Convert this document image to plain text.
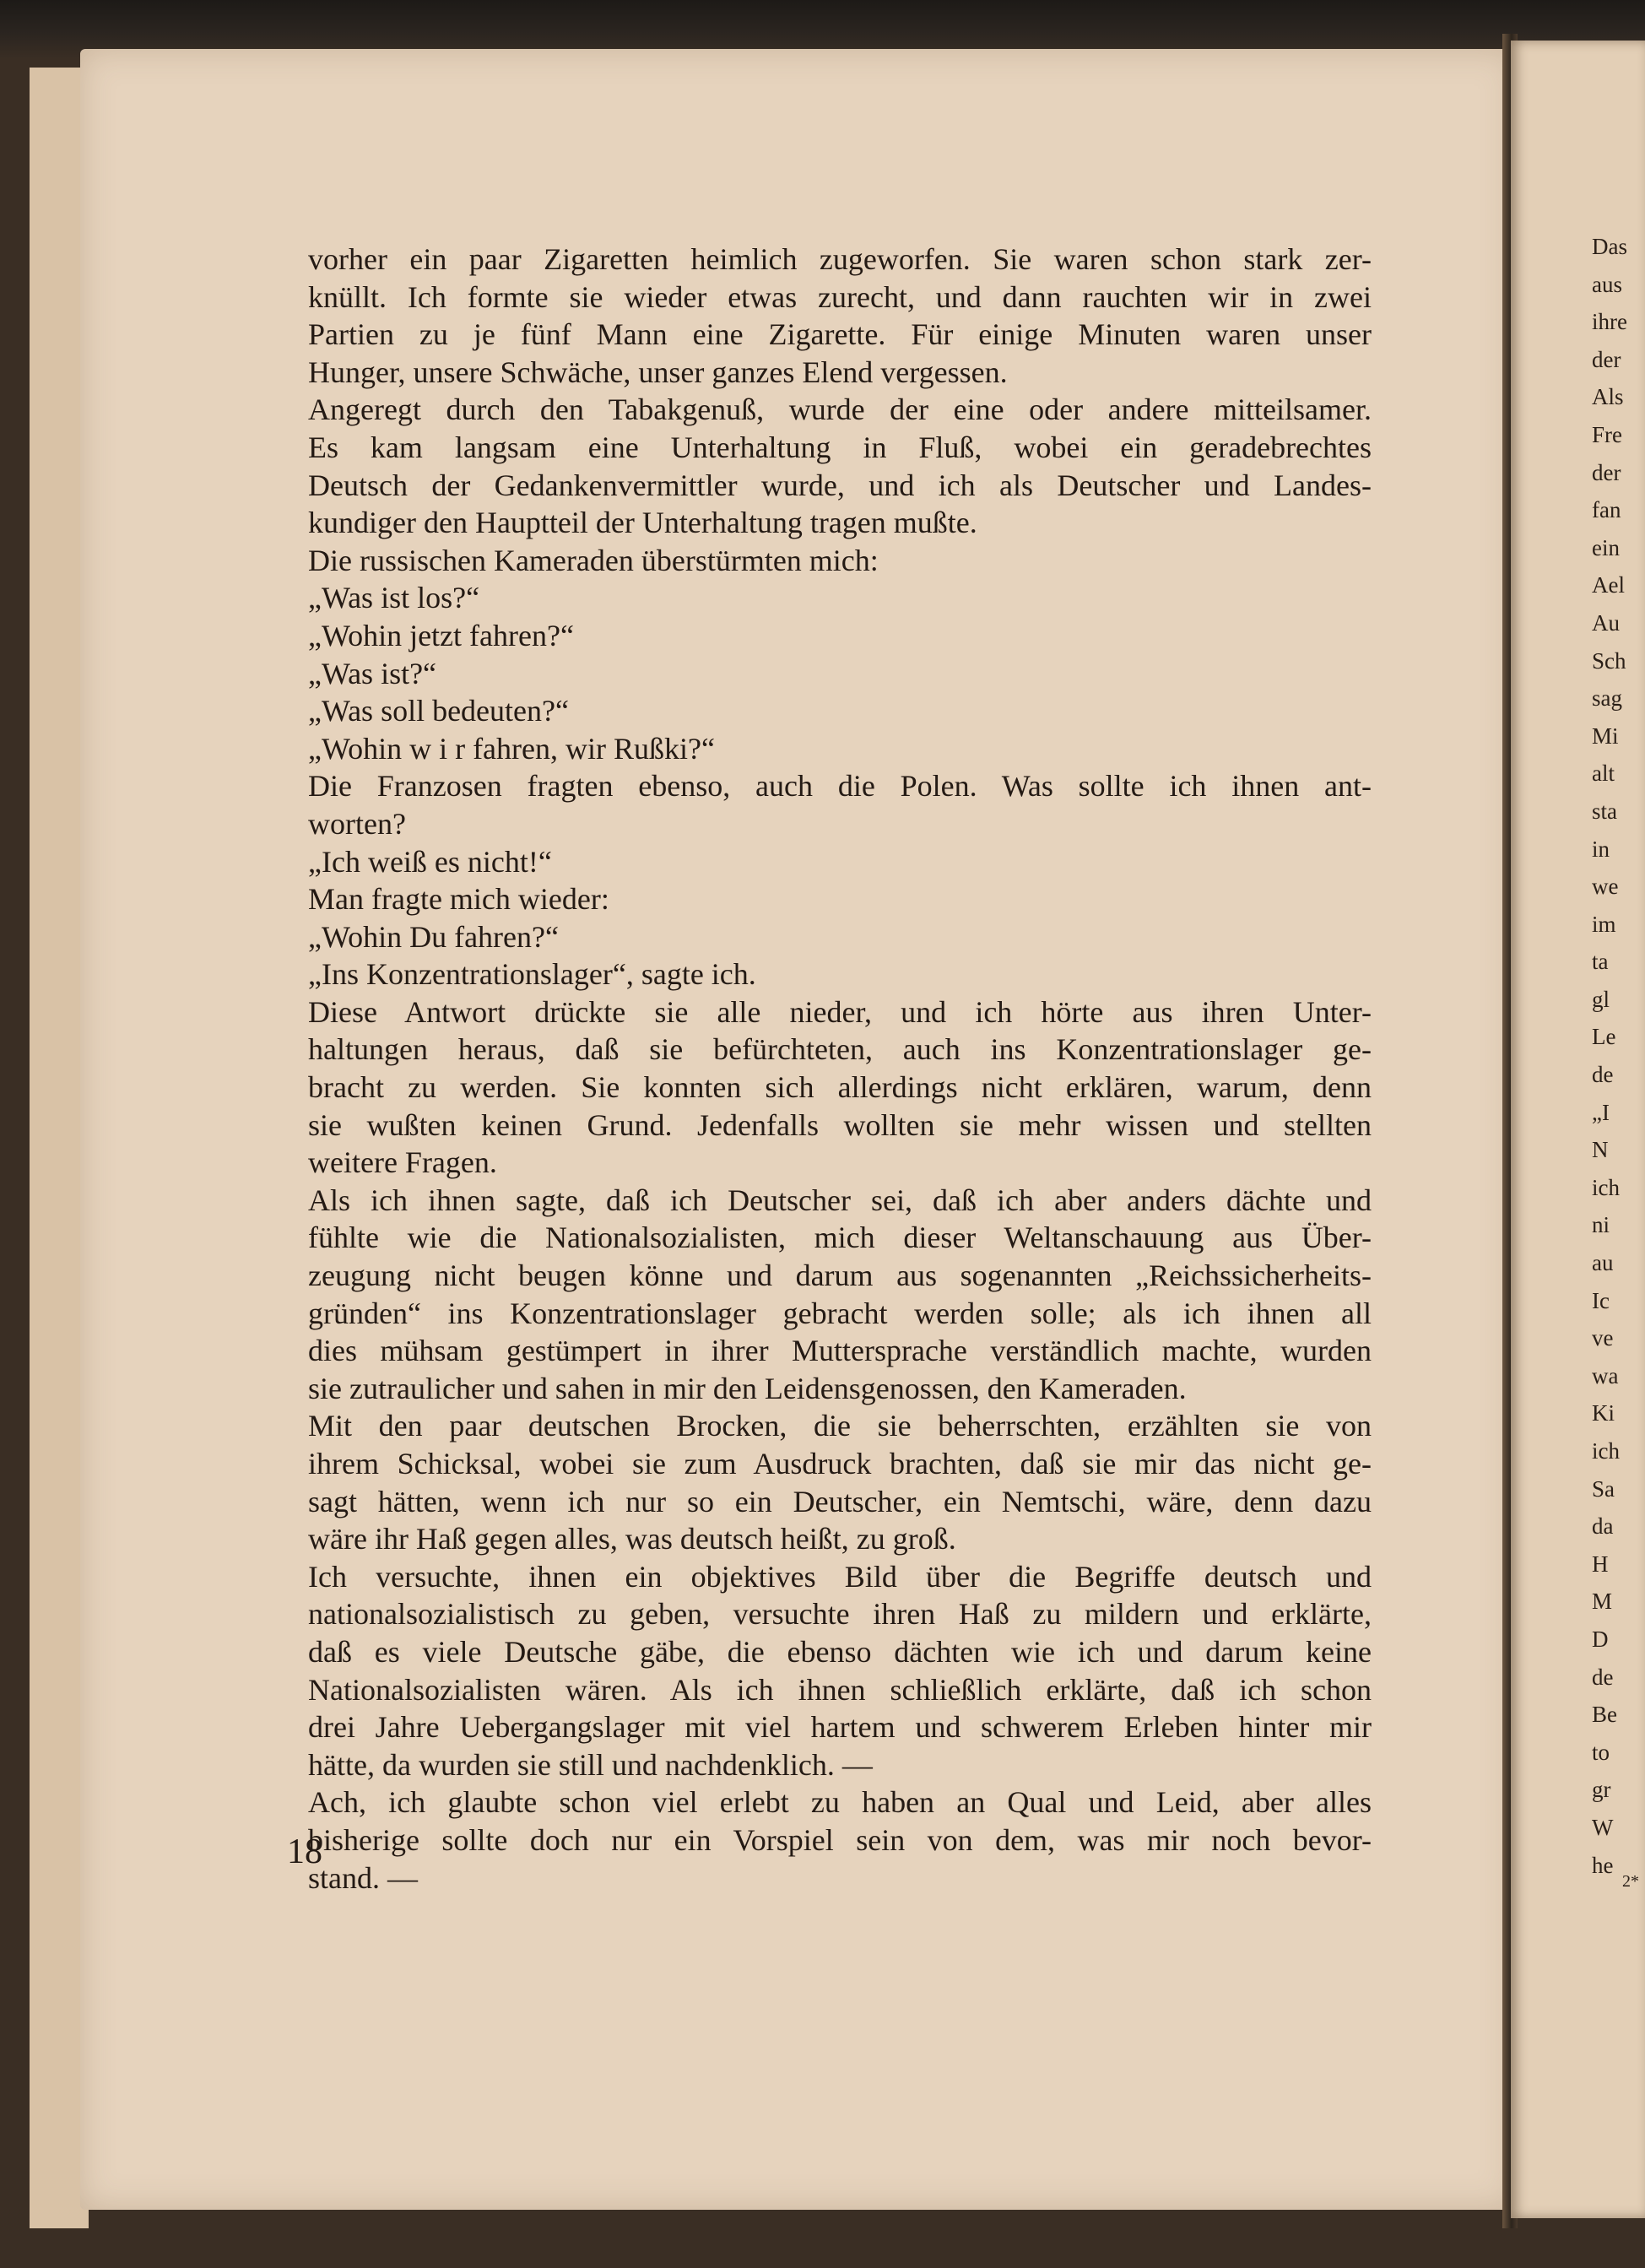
vorher ein paar Zigaretten heimlich zugeworfen. Sie waren schon stark zer-
knüllt. Ich formte sie wieder etwas zurecht, und dann rauchten wir in zwei
Partien zu je fünf Mann eine Zigarette. Für einige Minuten waren unser
Hunger, unsere Schwäche, unser ganzes Elend vergessen.
Angeregt durch den Tabakgenuß, wurde der eine oder andere mitteilsamer.
Es kam langsam eine Unterhaltung in Fluß, wobei ein geradebrechtes
Deutsch der Gedankenvermittler wurde, und ich als Deutscher und Landes-
kundiger den Hauptteil der Unterhaltung tragen mußte.
Die russischen Kameraden überstürmten mich:
„Was ist los?“
„Wohin jetzt fahren?“
„Was ist?“
„Was soll bedeuten?“
„Wohin w i r fahren, wir Rußki?“
Die Franzosen fragten ebenso, auch die Polen. Was sollte ich ihnen ant-
worten?
„Ich weiß es nicht!“
Man fragte mich wieder:
„Wohin Du fahren?“
„Ins Konzentrationslager“, sagte ich.
Diese Antwort drückte sie alle nieder, und ich hörte aus ihren Unter-
haltungen heraus, daß sie befürchteten, auch ins Konzentrationslager ge-
bracht zu werden. Sie konnten sich allerdings nicht erklären, warum, denn
sie wußten keinen Grund. Jedenfalls wollten sie mehr wissen und stellten
weitere Fragen.
Als ich ihnen sagte, daß ich Deutscher sei, daß ich aber anders dächte und
fühlte wie die Nationalsozialisten, mich dieser Weltanschauung aus Über-
zeugung nicht beugen könne und darum aus sogenannten „Reichssicherheits-
gründen“ ins Konzentrationslager gebracht werden solle; als ich ihnen all
dies mühsam gestümpert in ihrer Muttersprache verständlich machte, wurden
sie zutraulicher und sahen in mir den Leidensgenossen, den Kameraden.
Mit den paar deutschen Brocken, die sie beherrschten, erzählten sie von
ihrem Schicksal, wobei sie zum Ausdruck brachten, daß sie mir das nicht ge-
sagt hätten, wenn ich nur so ein Deutscher, ein Nemtschi, wäre, denn dazu
wäre ihr Haß gegen alles, was deutsch heißt, zu groß.
Ich versuchte, ihnen ein objektives Bild über die Begriffe deutsch und
nationalsozialistisch zu geben, versuchte ihren Haß zu mildern und erklärte,
daß es viele Deutsche gäbe, die ebenso dächten wie ich und darum keine
Nationalsozialisten wären. Als ich ihnen schließlich erklärte, daß ich schon
drei Jahre Uebergangslager mit viel hartem und schwerem Erleben hinter mir
hätte, da wurden sie still und nachdenklich. —
Ach, ich glaubte schon viel erlebt zu haben an Qual und Leid, aber alles
bisherige sollte doch nur ein Vorspiel sein von dem, was mir noch bevor-
stand. —
18
Das
aus
ihre
der
Als
Fre
der
fan
ein
Ael
Au
Sch
sag
Mi
alt
sta
in
we
im
ta
gl
Le
de
„I
N
ich
ni
au
Ic
ve
wa
Ki
ich
Sa
da
H
M
D
de
Be
to
gr
W
he
2*
